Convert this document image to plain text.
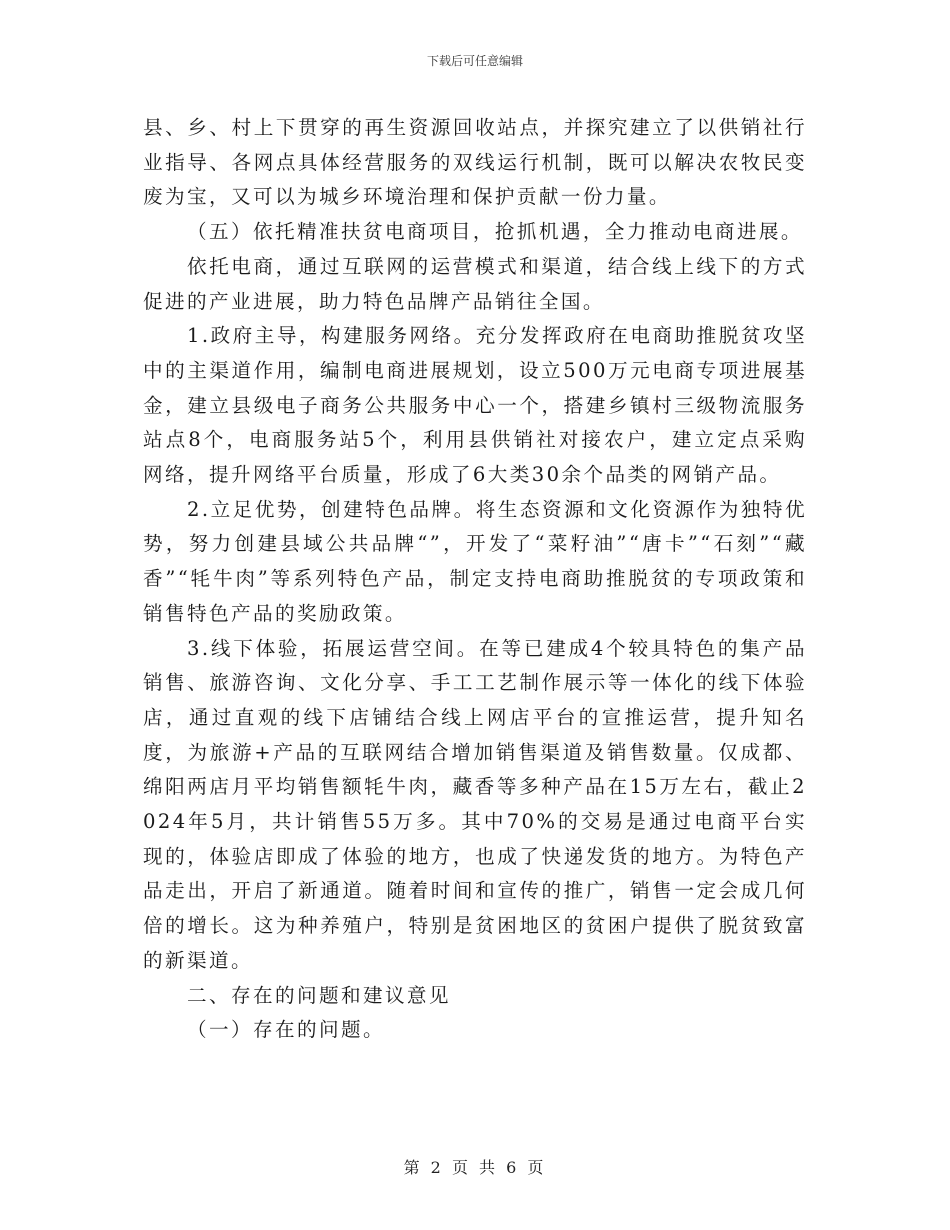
下载后可任意编辑

县、乡、村上下贯穿的再生资源回收站点，并探究建立了以供销社行业指导、各网点具体经营服务的双线运行机制，既可以解决农牧民变废为宝，又可以为城乡环境治理和保护贡献一份力量。

（五）依托精准扶贫电商项目，抢抓机遇，全力推动电商进展。

依托电商，通过互联网的运营模式和渠道，结合线上线下的方式促进的产业进展，助力特色品牌产品销往全国。

1.政府主导，构建服务网络。充分发挥政府在电商助推脱贫攻坚中的主渠道作用，编制电商进展规划，设立500万元电商专项进展基金，建立县级电子商务公共服务中心一个，搭建乡镇村三级物流服务站点8个，电商服务站5个，利用县供销社对接农户，建立定点采购网络，提升网络平台质量，形成了6大类30余个品类的网销产品。

2.立足优势，创建特色品牌。将生态资源和文化资源作为独特优势，努力创建县域公共品牌“”，开发了“菜籽油”“唐卡”“石刻”“藏香”“牦牛肉”等系列特色产品，制定支持电商助推脱贫的专项政策和销售特色产品的奖励政策。

3.线下体验，拓展运营空间。在等已建成4个较具特色的集产品销售、旅游咨询、文化分享、手工工艺制作展示等一体化的线下体验店，通过直观的线下店铺结合线上网店平台的宣推运营，提升知名度，为旅游+产品的互联网结合增加销售渠道及销售数量。仅成都、绵阳两店月平均销售额牦牛肉，藏香等多种产品在15万左右，截止2024年5月，共计销售55万多。其中70%的交易是通过电商平台实现的，体验店即成了体验的地方，也成了快递发货的地方。为特色产品走出，开启了新通道。随着时间和宣传的推广，销售一定会成几何倍的增长。这为种养殖户，特别是贫困地区的贫困户提供了脱贫致富的新渠道。

二、存在的问题和建议意见

（一）存在的问题。

第 2 页 共 6 页
